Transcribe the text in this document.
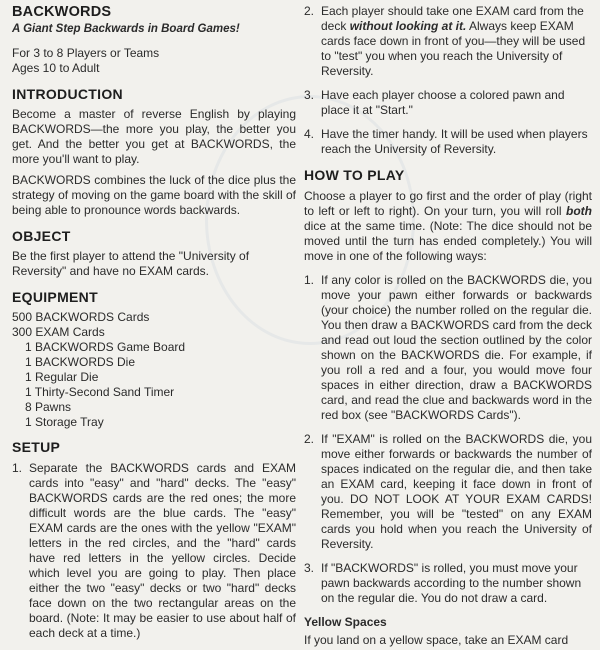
BACKWORDS

A Giant Step Backwards in Board Games!

For 3 to 8 Players or Teams

Ages 10 to Adult

INTRODUCTION

Become a master of reverse English by playing BACKWORDS—the more you play, the better you get. And the better you get at BACKWORDS, the more you'll want to play.

BACKWORDS combines the luck of the dice plus the strategy of moving on the game board with the skill of being able to pronounce words backwards.

OBJECT

Be the first player to attend the "University of Reversity" and have no EXAM cards.

EQUIPMENT
500 BACKWORDS Cards
300 EXAM Cards
1 BACKWORDS Game Board
1 BACKWORDS Die
1 Regular Die
1 Thirty-Second Sand Timer
8 Pawns
1 Storage Tray
SETUP
1. Separate the BACKWORDS cards and EXAM cards into "easy" and "hard" decks. The "easy" BACKWORDS cards are the red ones; the more difficult words are the blue cards. The "easy" EXAM cards are the ones with the yellow "EXAM" letters in the red circles, and the "hard" cards have red letters in the yellow circles. Decide which level you are going to play. Then place either the two "easy" decks or two "hard" decks face down on the two rectangular areas on the board. (Note: It may be easier to use about half of each deck at a time.)
2. Each player should take one EXAM card from the deck without looking at it. Always keep EXAM cards face down in front of you—they will be used to "test" you when you reach the University of Reversity.
3. Have each player choose a colored pawn and place it at "Start."
4. Have the timer handy. It will be used when players reach the University of Reversity.
HOW TO PLAY

Choose a player to go first and the order of play (right to left or left to right). On your turn, you will roll both dice at the same time. (Note: The dice should not be moved until the turn has ended completely.) You will move in one of the following ways:

1. If any color is rolled on the BACKWORDS die, you move your pawn either forwards or backwards (your choice) the number rolled on the regular die. You then draw a BACKWORDS card from the deck and read out loud the section outlined by the color shown on the BACKWORDS die. For example, if you roll a red and a four, you would move four spaces in either direction, draw a BACKWORDS card, and read the clue and backwards word in the red box (see "BACKWORDS Cards").
2. If "EXAM" is rolled on the BACKWORDS die, you move either forwards or backwards the number of spaces indicated on the regular die, and then take an EXAM card, keeping it face down in front of you. DO NOT LOOK AT YOUR EXAM CARDS! Remember, you will be "tested" on any EXAM cards you hold when you reach the University of Reversity.
3. If "BACKWORDS" is rolled, you must move your pawn backwards according to the number shown on the regular die. You do not draw a card.

Yellow Spaces

If you land on a yellow space, take an EXAM card
